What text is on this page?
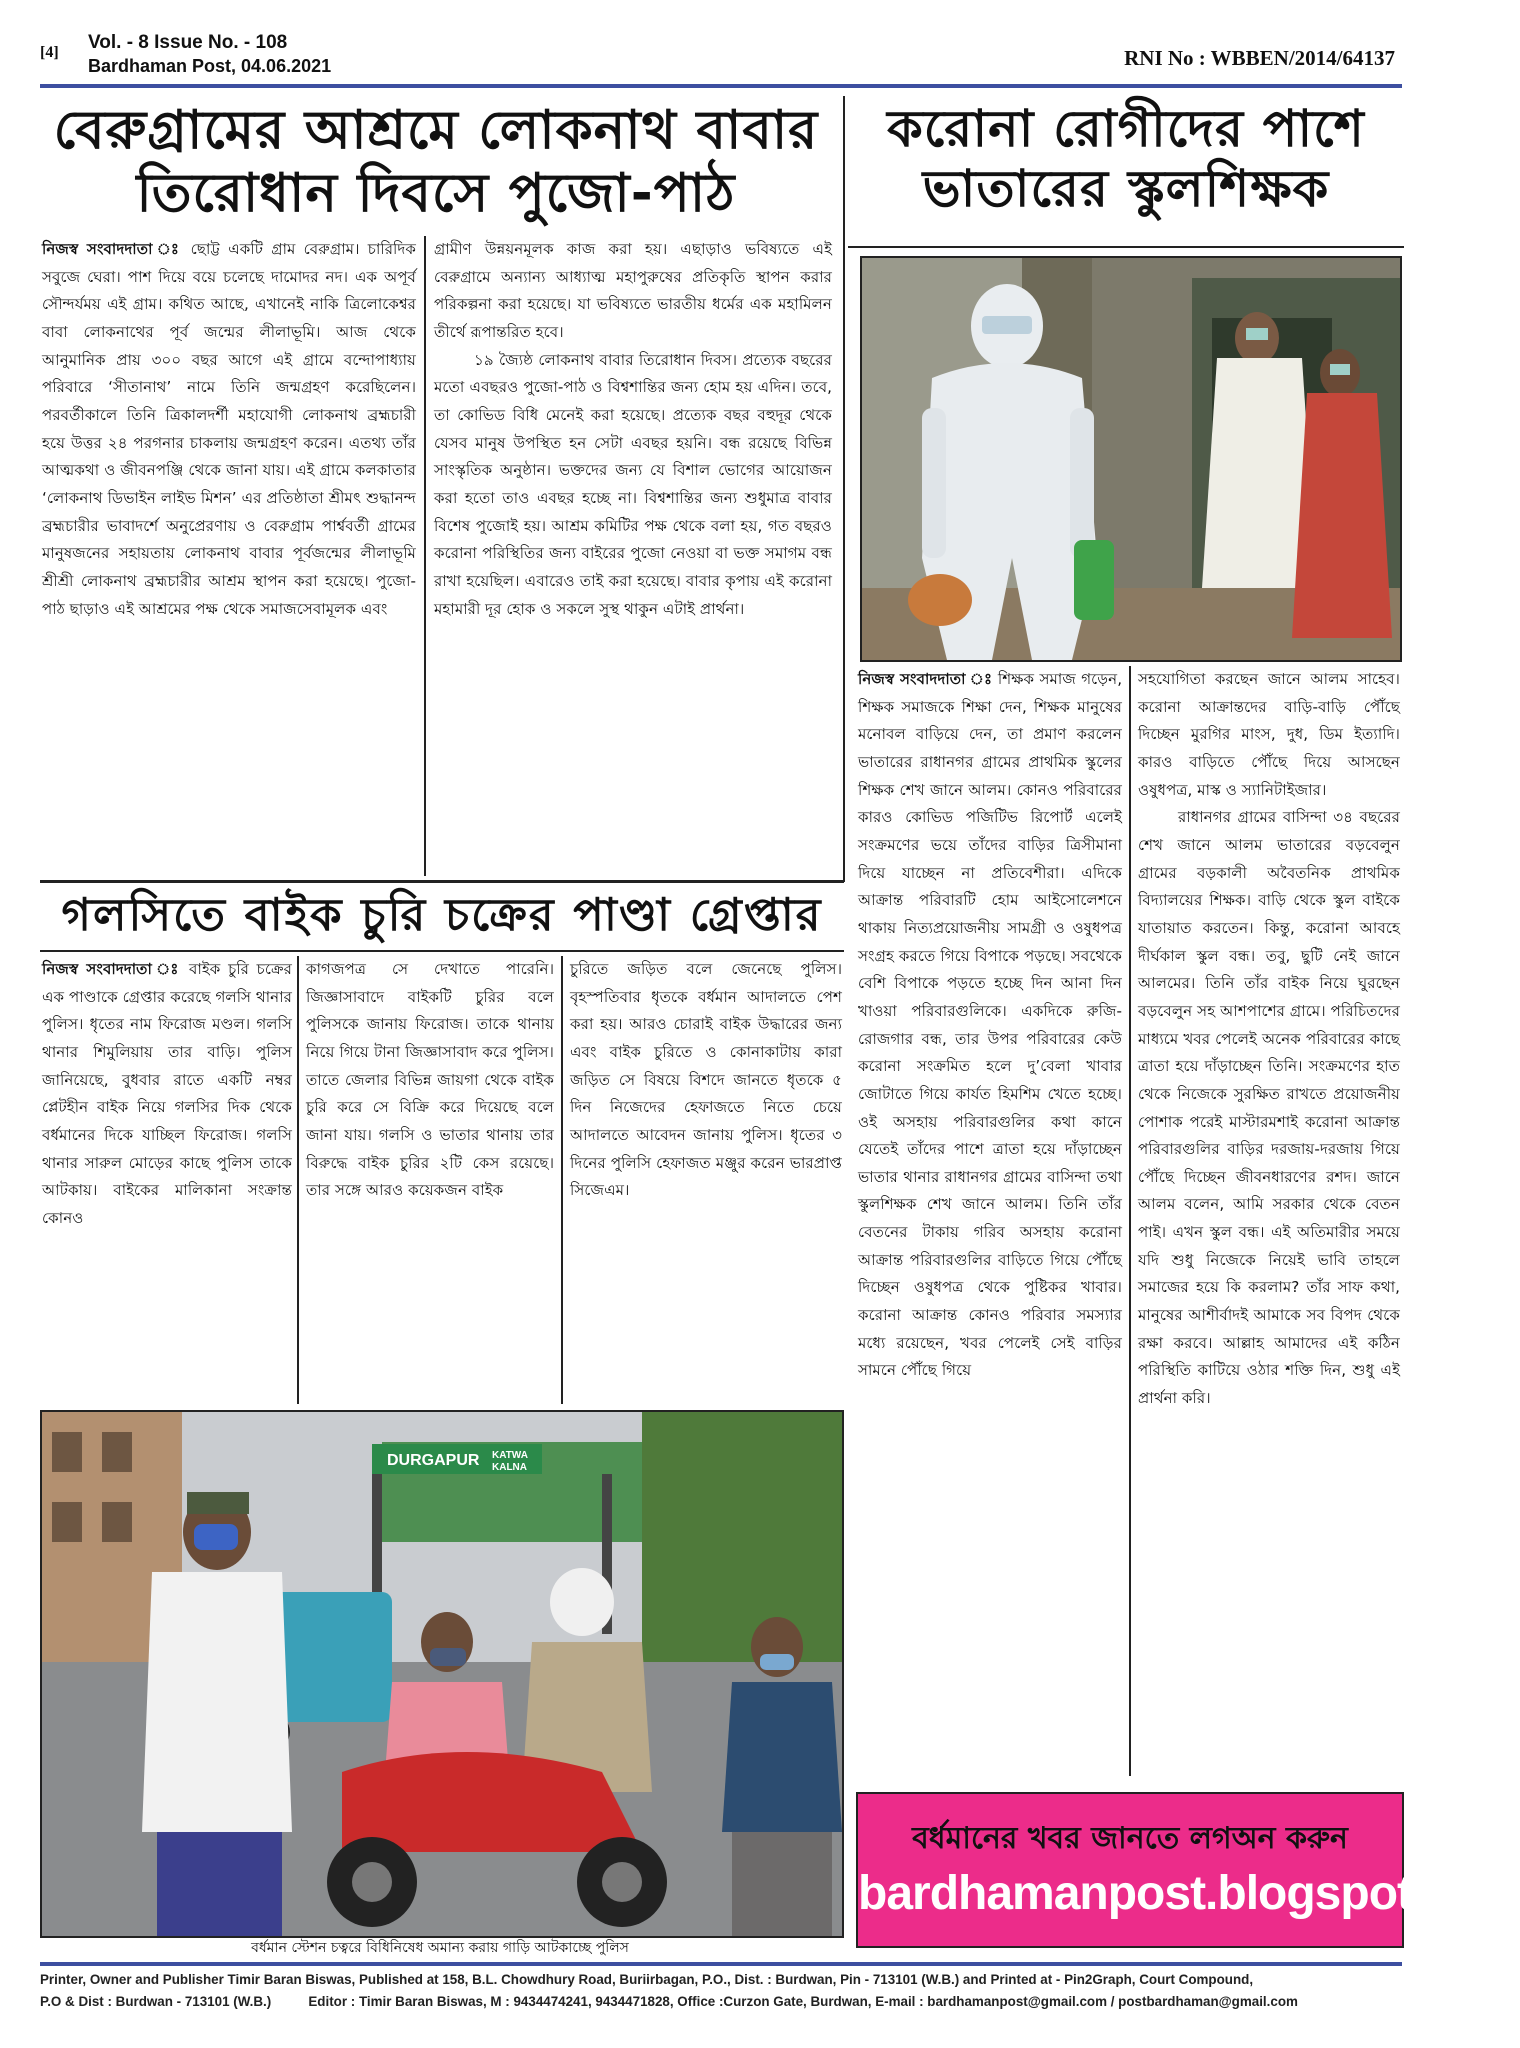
[4] Vol. - 8 Issue No. - 108
Bardhaman Post, 04.06.2021	RNI No : WBBEN/2014/64137
বেরুগ্রামের আশ্রমে লোকনাথ বাবার
তিরোধান দিবসে পুজো-পাঠ

নিজস্ব সংবাদদাতা ঃ ছোট্ট একটি গ্রাম বেরুগ্রাম। চারিদিক সবুজে ঘেরা। পাশ দিয়ে বয়ে চলেছে দামোদর নদ। এক অপূর্ব সৌন্দর্যময় এই গ্রাম। কথিত আছে, এখানেই নাকি ত্রিলোকেশ্বর বাবা লোকনাথের পূর্ব জন্মের লীলাভূমি। আজ থেকে আনুমানিক প্রায় ৩০০ বছর আগে এই গ্রামে বন্দোপাধ্যায় পরিবারে ‘সীতানাথ’ নামে তিনি জন্মগ্রহণ করেছিলেন। পরবর্তীকালে তিনি ত্রিকালদর্শী মহাযোগী লোকনাথ ব্রহ্মচারী হয়ে উত্তর ২৪ পরগনার চাকলায় জন্মগ্রহণ করেন। এতথ্য তাঁর আত্মকথা ও জীবনপঞ্জি থেকে জানা যায়। এই গ্রামে কলকাতার ‘লোকনাথ ডিভাইন লাইভ মিশন’ এর প্রতিষ্ঠাতা শ্রীমৎ শুদ্ধানন্দ ব্রহ্মচারীর ভাবাদর্শে অনুপ্রেরণায় ও বেরুগ্রাম পার্শ্ববর্তী গ্রামের মানুষজনের সহায়তায় লোকনাথ বাবার পূর্বজন্মের লীলাভূমি শ্রীশ্রী লোকনাথ ব্রহ্মচারীর আশ্রম স্থাপন করা হয়েছে। পুজো-পাঠ ছাড়াও এই আশ্রমের পক্ষ থেকে সমাজসেবামূলক এবং

গ্রামীণ উন্নয়নমূলক কাজ করা হয়। এছাড়াও ভবিষ্যতে এই বেরুগ্রামে অন্যান্য আধ্যাত্ম মহাপুরুষের প্রতিকৃতি স্থাপন করার পরিকল্পনা করা হয়েছে। যা ভবিষ্যতে ভারতীয় ধর্মের এক মহামিলন তীর্থে রূপান্তরিত হবে।

১৯ জ্যৈষ্ঠ লোকনাথ বাবার তিরোধান দিবস। প্রত্যেক বছরের মতো এবছরও পুজো-পাঠ ও বিশ্বশান্তির জন্য হোম হয় এদিন। তবে, তা কোভিড বিধি মেনেই করা হয়েছে। প্রত্যেক বছর বহুদূর থেকে যেসব মানুষ উপস্থিত হন সেটা এবছর হয়নি। বন্ধ রয়েছে বিভিন্ন সাংস্কৃতিক অনুষ্ঠান। ভক্তদের জন্য যে বিশাল ভোগের আয়োজন করা হতো তাও এবছর হচ্ছে না। বিশ্বশান্তির জন্য শুধুমাত্র বাবার বিশেষ পুজোই হয়। আশ্রম কমিটির পক্ষ থেকে বলা হয়, গত বছরও করোনা পরিস্থিতির জন্য বাইরের পুজো নেওয়া বা ভক্ত সমাগম বন্ধ রাখা হয়েছিল। এবারেও তাই করা হয়েছে। বাবার কৃপায় এই করোনা মহামারী দূর হোক ও সকলে সুস্থ থাকুন এটাই প্রার্থনা।

করোনা রোগীদের পাশে
ভাতারের স্কুলশিক্ষক

নিজস্ব সংবাদদাতা ঃ শিক্ষক সমাজ গড়েন, শিক্ষক সমাজকে শিক্ষা দেন, শিক্ষক মানুষের মনোবল বাড়িয়ে দেন, তা প্রমাণ করলেন ভাতারের রাধানগর গ্রামের প্রাথমিক স্কুলের শিক্ষক শেখ জানে আলম। কোনও পরিবারের কারও কোভিড পজিটিভ রিপোর্ট এলেই সংক্রমণের ভয়ে তাঁদের বাড়ির ত্রিসীমানা দিয়ে যাচ্ছেন না প্রতিবেশীরা। এদিকে আক্রান্ত পরিবারটি হোম আইসোলেশনে থাকায় নিত্যপ্রয়োজনীয় সামগ্রী ও ওষুধপত্র সংগ্রহ করতে গিয়ে বিপাকে পড়ছে। সবথেকে বেশি বিপাকে পড়তে হচ্ছে দিন আনা দিন খাওয়া পরিবারগুলিকে। একদিকে রুজি-রোজগার বন্ধ, তার উপর পরিবারের কেউ করোনা সংক্রমিত হলে দু’বেলা খাবার জোটাতে গিয়ে কার্যত হিমশিম খেতে হচ্ছে। ওই অসহায় পরিবারগুলির কথা কানে যেতেই তাঁদের পাশে ত্রাতা হয়ে দাঁড়াচ্ছেন ভাতার থানার রাধানগর গ্রামের বাসিন্দা তথা স্কুলশিক্ষক শেখ জানে আলম। তিনি তাঁর বেতনের টাকায় গরিব অসহায় করোনা আক্রান্ত পরিবারগুলির বাড়িতে গিয়ে পৌঁছে দিচ্ছেন ওষুধপত্র থেকে পুষ্টিকর খাবার। করোনা আক্রান্ত কোনও পরিবার সমস্যার মধ্যে রয়েছেন, খবর পেলেই সেই বাড়ির সামনে পৌঁছে গিয়ে

সহযোগিতা করছেন জানে আলম সাহেব। করোনা আক্রান্তদের বাড়ি-বাড়ি পৌঁছে দিচ্ছেন মুরগির মাংস, দুধ, ডিম ইত্যাদি। কারও বাড়িতে পৌঁছে দিয়ে আসছেন ওষুধপত্র, মাস্ক ও স্যানিটাইজার।

রাধানগর গ্রামের বাসিন্দা ৩৪ বছরের শেখ জানে আলম ভাতারের বড়বেলুন গ্রামের বড়কালী অবৈতনিক প্রাথমিক বিদ্যালয়ের শিক্ষক। বাড়ি থেকে স্কুল বাইকে যাতায়াত করতেন। কিন্তু, করোনা আবহে দীর্ঘকাল স্কুল বন্ধ। তবু, ছুটি নেই জানে আলমের। তিনি তাঁর বাইক নিয়ে ঘুরছেন বড়বেলুন সহ আশপাশের গ্রামে। পরিচিতদের মাধ্যমে খবর পেলেই অনেক পরিবারের কাছে ত্রাতা হয়ে দাঁড়াচ্ছেন তিনি। সংক্রমণের হাত থেকে নিজেকে সুরক্ষিত রাখতে প্রয়োজনীয় পোশাক পরেই মাস্টারমশাই করোনা আক্রান্ত পরিবারগুলির বাড়ির দরজায়-দরজায় গিয়ে পৌঁছে দিচ্ছেন জীবনধারণের রশদ। জানে আলম বলেন, আমি সরকার থেকে বেতন পাই। এখন স্কুল বন্ধ। এই অতিমারীর সময়ে যদি শুধু নিজেকে নিয়েই ভাবি তাহলে সমাজের হয়ে কি করলাম? তাঁর সাফ কথা, মানুষের আশীর্বাদই আমাকে সব বিপদ থেকে রক্ষা করবে। আল্লাহ আমাদের এই কঠিন পরিস্থিতি কাটিয়ে ওঠার শক্তি দিন, শুধু এই প্রার্থনা করি।

গলসিতে বাইক চুরি চক্রের পাণ্ডা গ্রেপ্তার

নিজস্ব সংবাদদাতা ঃ বাইক চুরি চক্রের এক পাণ্ডাকে গ্রেপ্তার করেছে গলসি থানার পুলিস। ধৃতের নাম ফিরোজ মণ্ডল। গলসি থানার শিমুলিয়ায় তার বাড়ি। পুলিস জানিয়েছে, বুধবার রাতে একটি নম্বর প্লেটহীন বাইক নিয়ে গলসির দিক থেকে বর্ধমানের দিকে যাচ্ছিল ফিরোজ। গলসি থানার সারুল মোড়ের কাছে পুলিস তাকে আটকায়। বাইকের মালিকানা সংক্রান্ত কোনও

কাগজপত্র সে দেখাতে পারেনি। জিজ্ঞাসাবাদে বাইকটি চুরির বলে পুলিসকে জানায় ফিরোজ। তাকে থানায় নিয়ে গিয়ে টানা জিজ্ঞাসাবাদ করে পুলিস। তাতে জেলার বিভিন্ন জায়গা থেকে বাইক চুরি করে সে বিক্রি করে দিয়েছে বলে জানা যায়। গলসি ও ভাতার থানায় তার বিরুদ্ধে বাইক চুরির ২টি কেস রয়েছে। তার সঙ্গে আরও কয়েকজন বাইক

চুরিতে জড়িত বলে জেনেছে পুলিস। বৃহস্পতিবার ধৃতকে বর্ধমান আদালতে পেশ করা হয়। আরও চোরাই বাইক উদ্ধারের জন্য এবং বাইক চুরিতে ও কোনাকাটায় কারা জড়িত সে বিষয়ে বিশদে জানতে ধৃতকে ৫ দিন নিজেদের হেফাজতে নিতে চেয়ে আদালতে আবেদন জানায় পুলিস। ধৃতের ৩ দিনের পুলিসি হেফাজত মঞ্জুর করেন ভারপ্রাপ্ত সিজেএম।

DURGAPUR KATWA
KALNA
বর্ধমান স্টেশন চত্বরে বিধিনিষেধ অমান্য করায় গাড়ি আটকাচ্ছে পুলিস
বর্ধমানের খবর জানতে লগঅন করুন
bardhamanpost.blogspot.com
Printer, Owner and Publisher Timir Baran Biswas, Published at 158, B.L. Chowdhury Road, Buriirbagan, P.O., Dist. : Burdwan, Pin - 713101 (W.B.) and Printed at - Pin2Graph, Court Compound,
P.O & Dist : Burdwan - 713101 (W.B.)          Editor : Timir Baran Biswas, M : 9434474241, 9434471828, Office :Curzon Gate, Burdwan, E-mail : bardhamanpost@gmail.com / postbardhaman@gmail.com
